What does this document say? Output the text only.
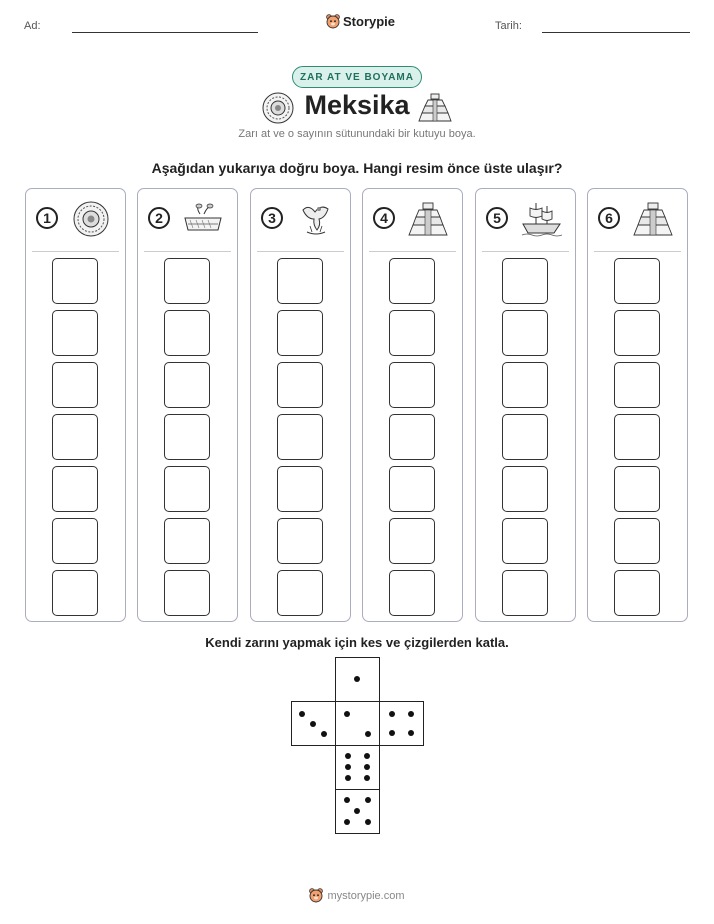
Ad:	Storypie	Tarih:
ZAR AT VE BOYAMA
Meksika
Zarı at ve o sayının sütunundaki bir kutuyu boya.
Aşağıdan yukarıya doğru boya. Hangi resim önce üste ulaşır?
1	2	3	4	5	6
Kendi zarını yapmak için kes ve çizgilerden katla.
mystorypie.com
